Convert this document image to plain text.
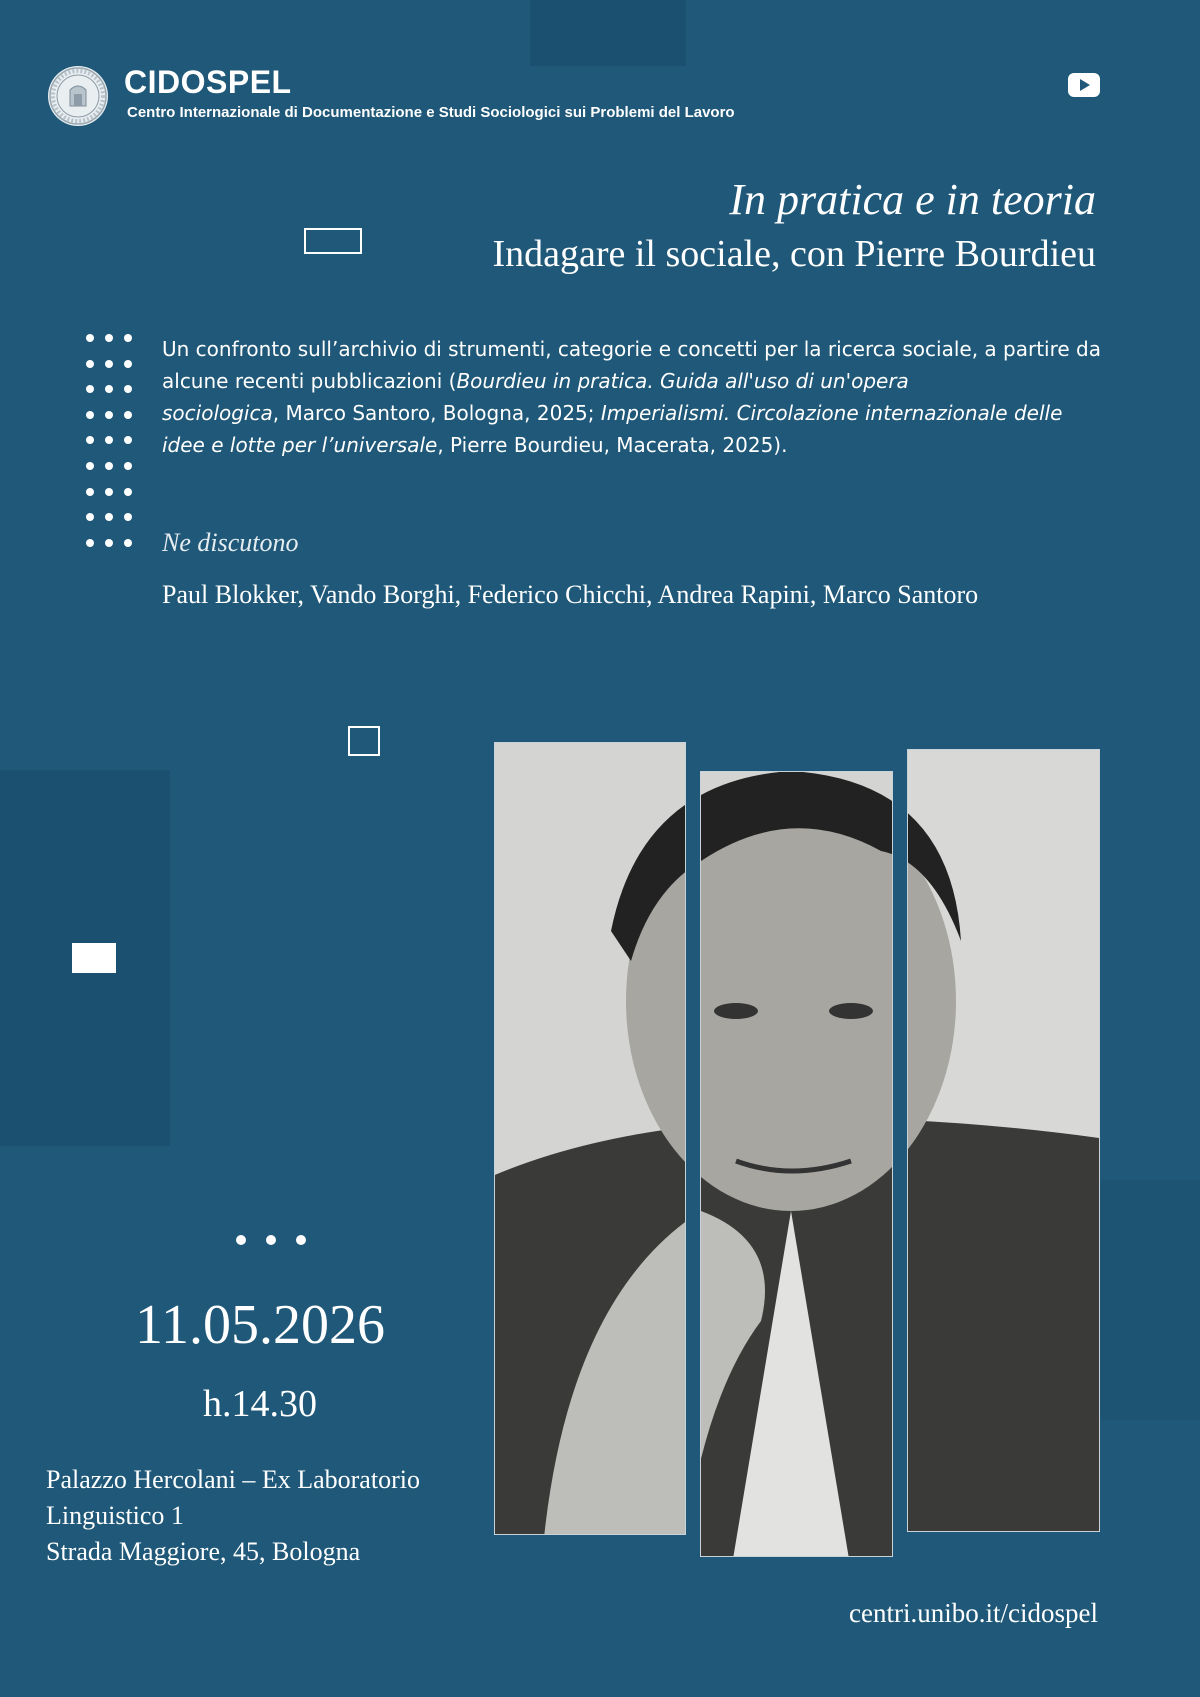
CIDOSPEL
Centro Internazionale di Documentazione e Studi Sociologici sui Problemi del Lavoro
In pratica e in teoria
Indagare il sociale, con Pierre Bourdieu
Un confronto sull’archivio di strumenti, categorie e concetti per la ricerca sociale, a partire da
alcune recenti pubblicazioni (Bourdieu in pratica. Guida all'uso di un'opera sociologica, Marco Santoro, Bologna, 2025; Imperialismi. Circolazione internazionale delle idee e lotte per l’universale, Pierre Bourdieu, Macerata, 2025).
Ne discutono
Paul Blokker, Vando Borghi, Federico Chicchi, Andrea Rapini, Marco Santoro
11.05.2026
h.14.30
Palazzo Hercolani – Ex Laboratorio
Linguistico 1
Strada Maggiore, 45, Bologna
centri.unibo.it/cidospel
